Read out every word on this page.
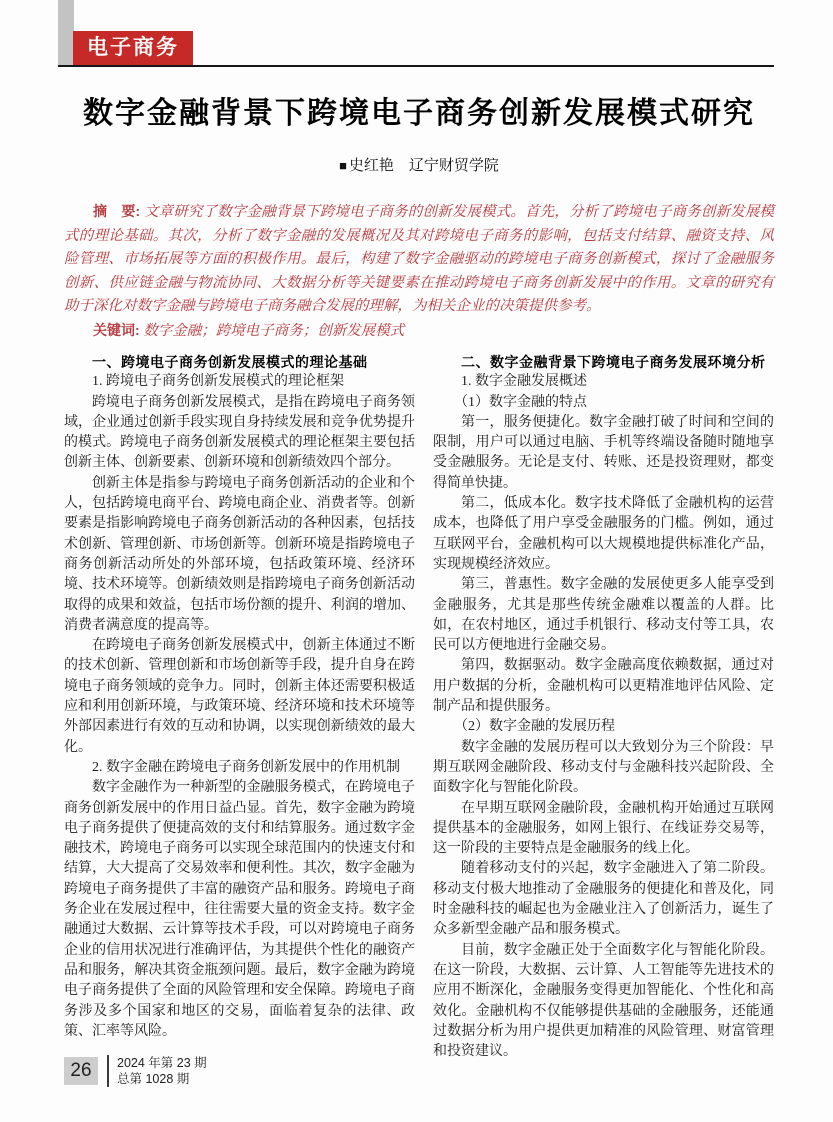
电子商务
数字金融背景下跨境电子商务创新发展模式研究
■ 史红艳　辽宁财贸学院

摘　要: 文章研究了数字金融背景下跨境电子商务的创新发展模式。首先，分析了跨境电子商务创新发展模式的理论基础。其次，分析了数字金融的发展概况及其对跨境电子商务的影响，包括支付结算、融资支持、风险管理、市场拓展等方面的积极作用。最后，构建了数字金融驱动的跨境电子商务创新模式，探讨了金融服务创新、供应链金融与物流协同、大数据分析等关键要素在推动跨境电子商务创新发展中的作用。文章的研究有助于深化对数字金融与跨境电子商务融合发展的理解，为相关企业的决策提供参考。

关键词: 数字金融；跨境电子商务；创新发展模式

一、跨境电子商务创新发展模式的理论基础

1. 跨境电子商务创新发展模式的理论框架

跨境电子商务创新发展模式，是指在跨境电子商务领域，企业通过创新手段实现自身持续发展和竞争优势提升的模式。跨境电子商务创新发展模式的理论框架主要包括创新主体、创新要素、创新环境和创新绩效四个部分。

创新主体是指参与跨境电子商务创新活动的企业和个人，包括跨境电商平台、跨境电商企业、消费者等。创新要素是指影响跨境电子商务创新活动的各种因素，包括技术创新、管理创新、市场创新等。创新环境是指跨境电子商务创新活动所处的外部环境，包括政策环境、经济环境、技术环境等。创新绩效则是指跨境电子商务创新活动取得的成果和效益，包括市场份额的提升、利润的增加、消费者满意度的提高等。

在跨境电子商务创新发展模式中，创新主体通过不断的技术创新、管理创新和市场创新等手段，提升自身在跨境电子商务领域的竞争力。同时，创新主体还需要积极适应和利用创新环境，与政策环境、经济环境和技术环境等外部因素进行有效的互动和协调，以实现创新绩效的最大化。

2. 数字金融在跨境电子商务创新发展中的作用机制

数字金融作为一种新型的金融服务模式，在跨境电子商务创新发展中的作用日益凸显。首先，数字金融为跨境电子商务提供了便捷高效的支付和结算服务。通过数字金融技术，跨境电子商务可以实现全球范围内的快速支付和结算，大大提高了交易效率和便利性。其次，数字金融为跨境电子商务提供了丰富的融资产品和服务。跨境电子商务企业在发展过程中，往往需要大量的资金支持。数字金融通过大数据、云计算等技术手段，可以对跨境电子商务企业的信用状况进行准确评估，为其提供个性化的融资产品和服务，解决其资金瓶颈问题。最后，数字金融为跨境电子商务提供了全面的风险管理和安全保障。跨境电子商务涉及多个国家和地区的交易，面临着复杂的法律、政策、汇率等风险。

二、数字金融背景下跨境电子商务发展环境分析

1. 数字金融发展概述

（1）数字金融的特点

第一，服务便捷化。数字金融打破了时间和空间的限制，用户可以通过电脑、手机等终端设备随时随地享受金融服务。无论是支付、转账、还是投资理财，都变得简单快捷。

第二，低成本化。数字技术降低了金融机构的运营成本，也降低了用户享受金融服务的门槛。例如，通过互联网平台，金融机构可以大规模地提供标准化产品，实现规模经济效应。

第三，普惠性。数字金融的发展使更多人能享受到金融服务，尤其是那些传统金融难以覆盖的人群。比如，在农村地区，通过手机银行、移动支付等工具，农民可以方便地进行金融交易。

第四，数据驱动。数字金融高度依赖数据，通过对用户数据的分析，金融机构可以更精准地评估风险、定制产品和提供服务。

（2）数字金融的发展历程

数字金融的发展历程可以大致划分为三个阶段：早期互联网金融阶段、移动支付与金融科技兴起阶段、全面数字化与智能化阶段。

在早期互联网金融阶段，金融机构开始通过互联网提供基本的金融服务，如网上银行、在线证券交易等，这一阶段的主要特点是金融服务的线上化。

随着移动支付的兴起，数字金融进入了第二阶段。移动支付极大地推动了金融服务的便捷化和普及化，同时金融科技的崛起也为金融业注入了创新活力，诞生了众多新型金融产品和服务模式。

目前，数字金融正处于全面数字化与智能化阶段。在这一阶段，大数据、云计算、人工智能等先进技术的应用不断深化，金融服务变得更加智能化、个性化和高效化。金融机构不仅能够提供基础的金融服务，还能通过数据分析为用户提供更加精准的风险管理、财富管理和投资建议。

26	2024 年第 23 期
总第 1028 期
